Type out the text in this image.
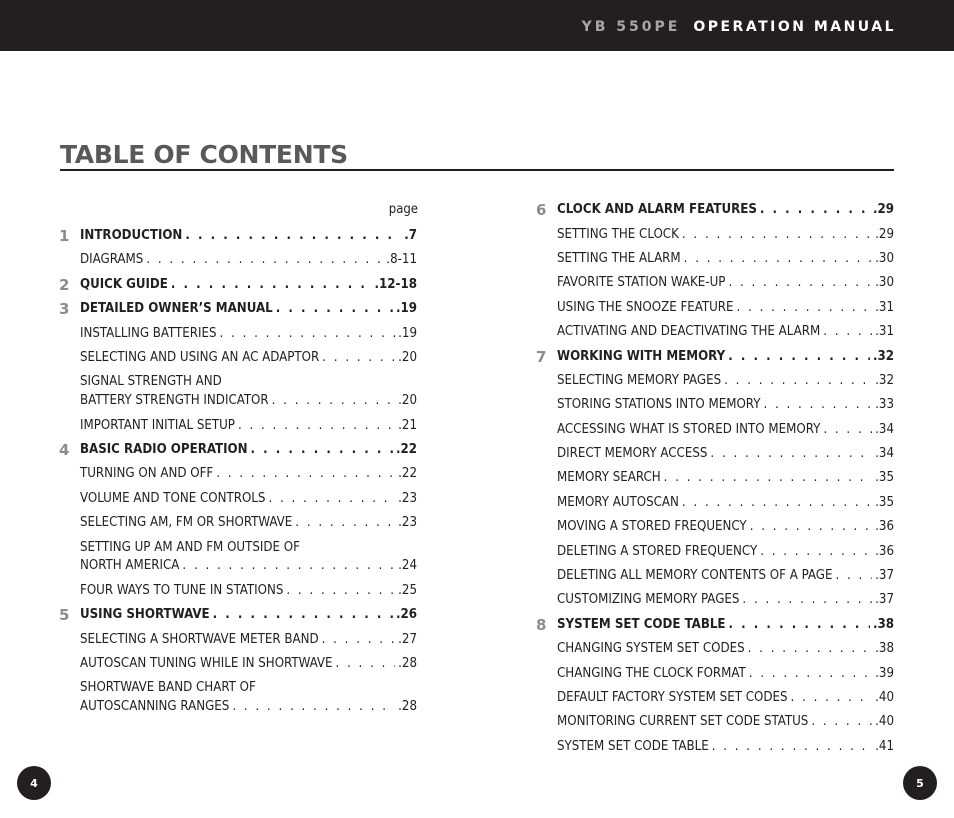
YB 550PE OPERATION MANUAL
TABLE OF CONTENTS
page
1 INTRODUCTION . . .	.7
DIAGRAMS . . .	.8-11
2 QUICK GUIDE . . .	.12-18
3 DETAILED OWNER’S MANUAL . . .	.19
INSTALLING BATTERIES . . .	.19
SELECTING AND USING AN AC ADAPTOR . . .	.20
SIGNAL STRENGTH AND
BATTERY STRENGTH INDICATOR . . .	.20
IMPORTANT INITIAL SETUP . . .	.21
4 BASIC RADIO OPERATION . . .	.22
TURNING ON AND OFF . . .	.22
VOLUME AND TONE CONTROLS . . .	.23
SELECTING AM, FM OR SHORTWAVE . . .	.23
SETTING UP AM AND FM OUTSIDE OF
NORTH AMERICA . . .	.24
FOUR WAYS TO TUNE IN STATIONS . . .	.25
5 USING SHORTWAVE . . .	.26
SELECTING A SHORTWAVE METER BAND . . .	.27
AUTOSCAN TUNING WHILE IN SHORTWAVE . . .	.28
SHORTWAVE BAND CHART OF
AUTOSCANNING RANGES . . .	.28
6 CLOCK AND ALARM FEATURES . . .	.29
SETTING THE CLOCK . . .	.29
SETTING THE ALARM . . .	.30
FAVORITE STATION WAKE-UP . . .	.30
USING THE SNOOZE FEATURE . . .	.31
ACTIVATING AND DEACTIVATING THE ALARM . . .	.31
7 WORKING WITH MEMORY . . .	.32
SELECTING MEMORY PAGES . . .	.32
STORING STATIONS INTO MEMORY . . .	.33
ACCESSING WHAT IS STORED INTO MEMORY . . .	.34
DIRECT MEMORY ACCESS . . .	.34
MEMORY SEARCH . . .	.35
MEMORY AUTOSCAN . . .	.35
MOVING A STORED FREQUENCY . . .	.36
DELETING A STORED FREQUENCY . . .	.36
DELETING ALL MEMORY CONTENTS OF A PAGE . . .	.37
CUSTOMIZING MEMORY PAGES . . .	.37
8 SYSTEM SET CODE TABLE . . .	.38
CHANGING SYSTEM SET CODES . . .	.38
CHANGING THE CLOCK FORMAT . . .	.39
DEFAULT FACTORY SYSTEM SET CODES . . .	.40
MONITORING CURRENT SET CODE STATUS . . .	.40
SYSTEM SET CODE TABLE . . .	.41
4	5
